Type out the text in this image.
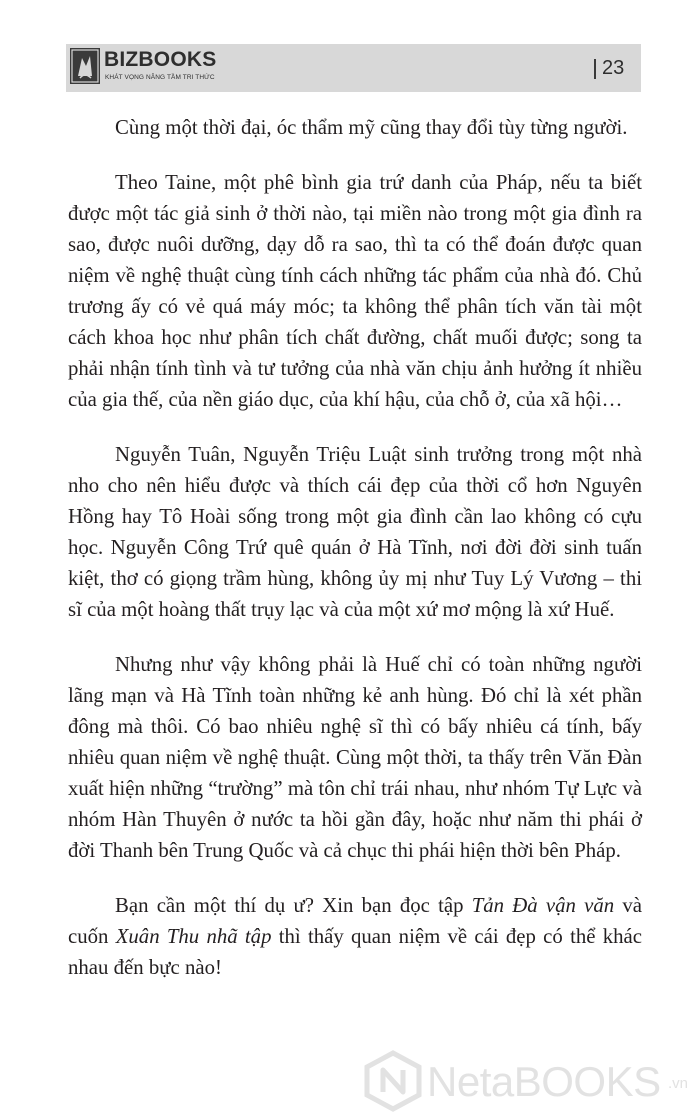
BIZBOOKS
KHÁT VỌNG NÂNG TẦM TRI THỨC	23

Cùng một thời đại, óc thẩm mỹ cũng thay đổi tùy từng người.

Theo Taine, một phê bình gia trứ danh của Pháp, nếu ta biết được một tác giả sinh ở thời nào, tại miền nào trong một gia đình ra sao, được nuôi dưỡng, dạy dỗ ra sao, thì ta có thể đoán được quan niệm về nghệ thuật cùng tính cách những tác phẩm của nhà đó. Chủ trương ấy có vẻ quá máy móc; ta không thể phân tích văn tài một cách khoa học như phân tích chất đường, chất muối được; song ta phải nhận tính tình và tư tưởng của nhà văn chịu ảnh hưởng ít nhiều của gia thế, của nền giáo dục, của khí hậu, của chỗ ở, của xã hội…

Nguyễn Tuân, Nguyễn Triệu Luật sinh trưởng trong một nhà nho cho nên hiểu được và thích cái đẹp của thời cổ hơn Nguyên Hồng hay Tô Hoài sống trong một gia đình cần lao không có cựu học. Nguyễn Công Trứ quê quán ở Hà Tĩnh, nơi đời đời sinh tuấn kiệt, thơ có giọng trầm hùng, không ủy mị như Tuy Lý Vương – thi sĩ của một hoàng thất trụy lạc và của một xứ mơ mộng là xứ Huế.

Nhưng như vậy không phải là Huế chỉ có toàn những người lãng mạn và Hà Tĩnh toàn những kẻ anh hùng. Đó chỉ là xét phần đông mà thôi. Có bao nhiêu nghệ sĩ thì có bấy nhiêu cá tính, bấy nhiêu quan niệm về nghệ thuật. Cùng một thời, ta thấy trên Văn Đàn xuất hiện những “trường” mà tôn chỉ trái nhau, như nhóm Tự Lực và nhóm Hàn Thuyên ở nước ta hồi gần đây, hoặc như năm thi phái ở đời Thanh bên Trung Quốc và cả chục thi phái hiện thời bên Pháp.

Bạn cần một thí dụ ư? Xin bạn đọc tập Tản Đà vận văn và cuốn Xuân Thu nhã tập thì thấy quan niệm về cái đẹp có thể khác nhau đến bực nào!

NetaBOOKS .vn
